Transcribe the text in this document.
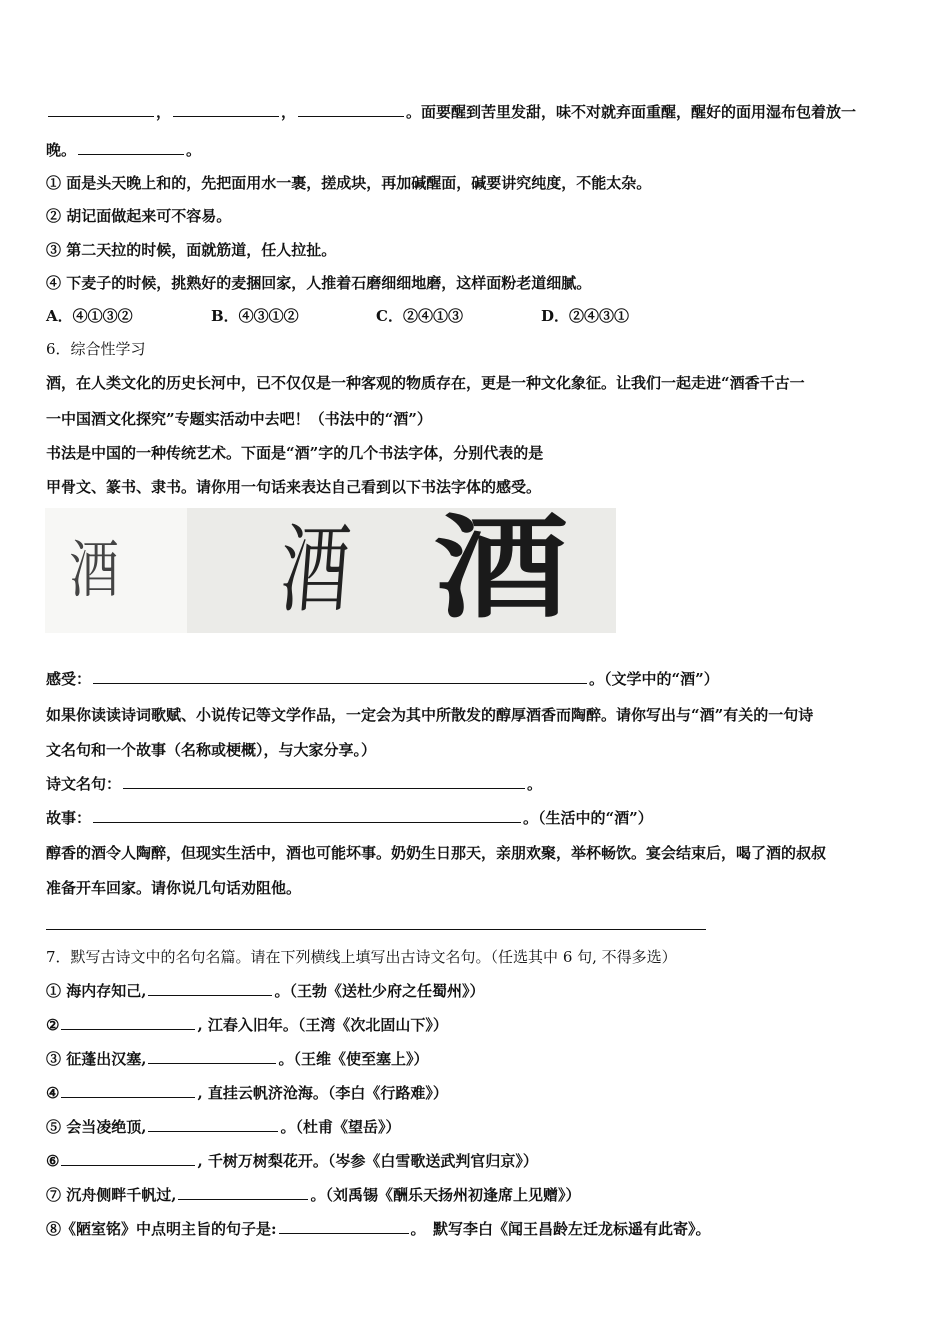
，	，	。面要醒到苦里发甜，味不对就弃面重醒，醒好的面用湿布包着放一
晚。	。
① 面是头天晚上和的，先把面用水一裹，搓成块，再加碱醒面，碱要讲究纯度，不能太杂。
② 胡记面做起来可不容易。
③ 第二天拉的时候，面就筋道，任人拉扯。
④ 下麦子的时候，挑熟好的麦捆回家，人推着石磨细细地磨，这样面粉老道细腻。
A．④①③②	B．④③①②	C．②④①③	D．②④③①
6．综合性学习
酒，在人类文化的历史长河中，已不仅仅是一种客观的物质存在，更是一种文化象征。让我们一起走进“酒香千古一
一中国酒文化探究”专题实活动中去吧！（书法中的“酒”）
书法是中国的一种传统艺术。下面是“酒”字的几个书法字体，分别代表的是
甲骨文、篆书、隶书。请你用一句话来表达自己看到以下书法字体的感受。
酒 酒 酒
感受：	。（文学中的“酒”）
如果你读读诗词歌赋、小说传记等文学作品，一定会为其中所散发的醇厚酒香而陶醉。请你写出与“酒”有关的一句诗
文名句和一个故事（名称或梗概），与大家分享。）
诗文名句：	。
故事：	。（生活中的“酒”）
醇香的酒令人陶醉，但现实生活中，酒也可能坏事。奶奶生日那天，亲朋欢聚，举杯畅饮。宴会结束后，喝了酒的叔叔
准备开车回家。请你说几句话劝阻他。
7．默写古诗文中的名句名篇。请在下列横线上填写出古诗文名句。（任选其中 6 句, 不得多选）
① 海内存知己,	。（王勃《送杜少府之任蜀州》）
②	, 江春入旧年。（王湾《次北固山下》）
③ 征蓬出汉塞,	。（王维《使至塞上》）
④	, 直挂云帆济沧海。（李白《行路难》）
⑤ 会当凌绝顶,	。（杜甫《望岳》）
⑥	, 千树万树梨花开。（岑参《白雪歌送武判官归京》）
⑦ 沉舟侧畔千帆过,	。（刘禹锡《酬乐天扬州初逢席上见赠》）
⑧《陋室铭》中点明主旨的句子是:	。　默写李白《闻王昌龄左迁龙标遥有此寄》。
